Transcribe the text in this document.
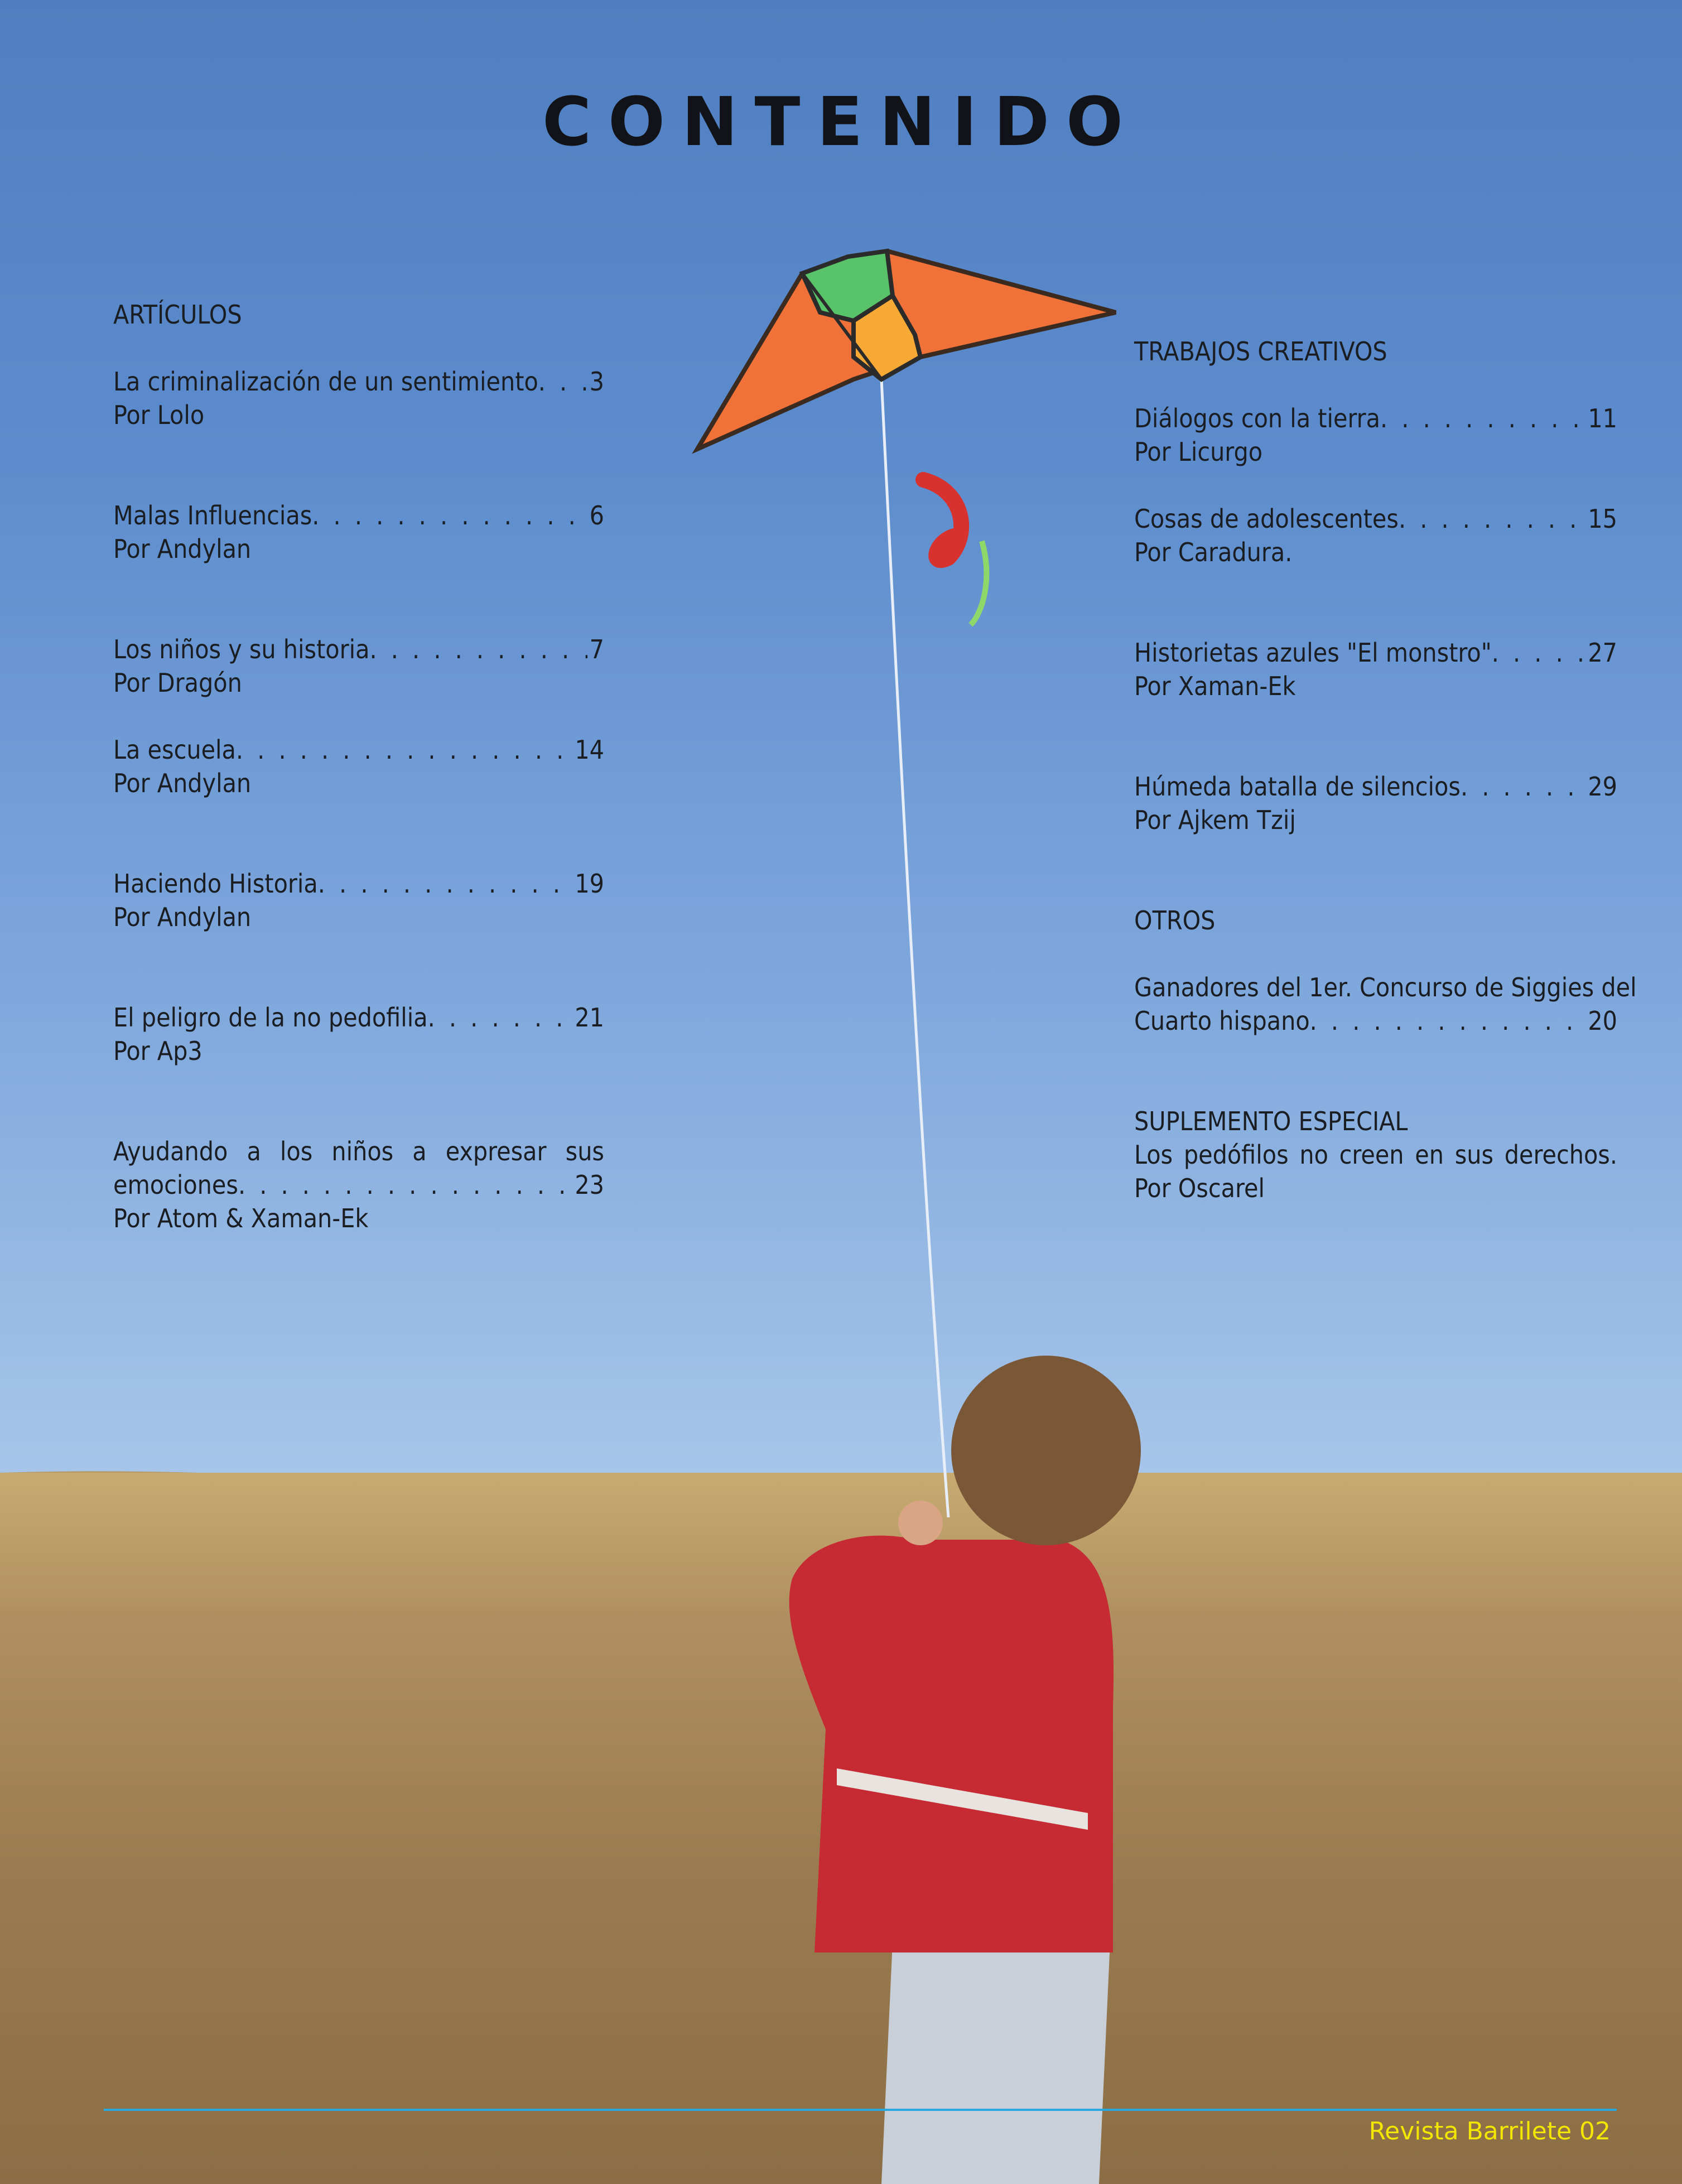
CONTENIDO
ARTÍCULOS
La criminalización de un sentimiento . . . 3
Por Lolo
Malas Influencias . . .	6
Por Andylan
Los niños y su historia . . .	7
Por Dragón
La escuela . . .	14
Por Andylan
Haciendo Historia . . .	19
Por Andylan
El peligro de la no pedofilia . . .	21
Por Ap3
Ayudando a los niños a expresar sus
emociones . . .	23
Por Atom & Xaman-Ek
TRABAJOS CREATIVOS
Diálogos con la tierra . . .	11
Por Licurgo
Cosas de adolescentes . . .	15
Por Caradura.
Historietas azules "El monstro" . . .	27
Por Xaman-Ek
Húmeda batalla de silencios . . .	29
Por Ajkem Tzij
OTROS
Ganadores del 1er. Concurso de Siggies del
Cuarto hispano . . .	20
SUPLEMENTO ESPECIAL
Los pedófilos no creen en sus derechos.
Por Oscarel
Revista Barrilete 02
